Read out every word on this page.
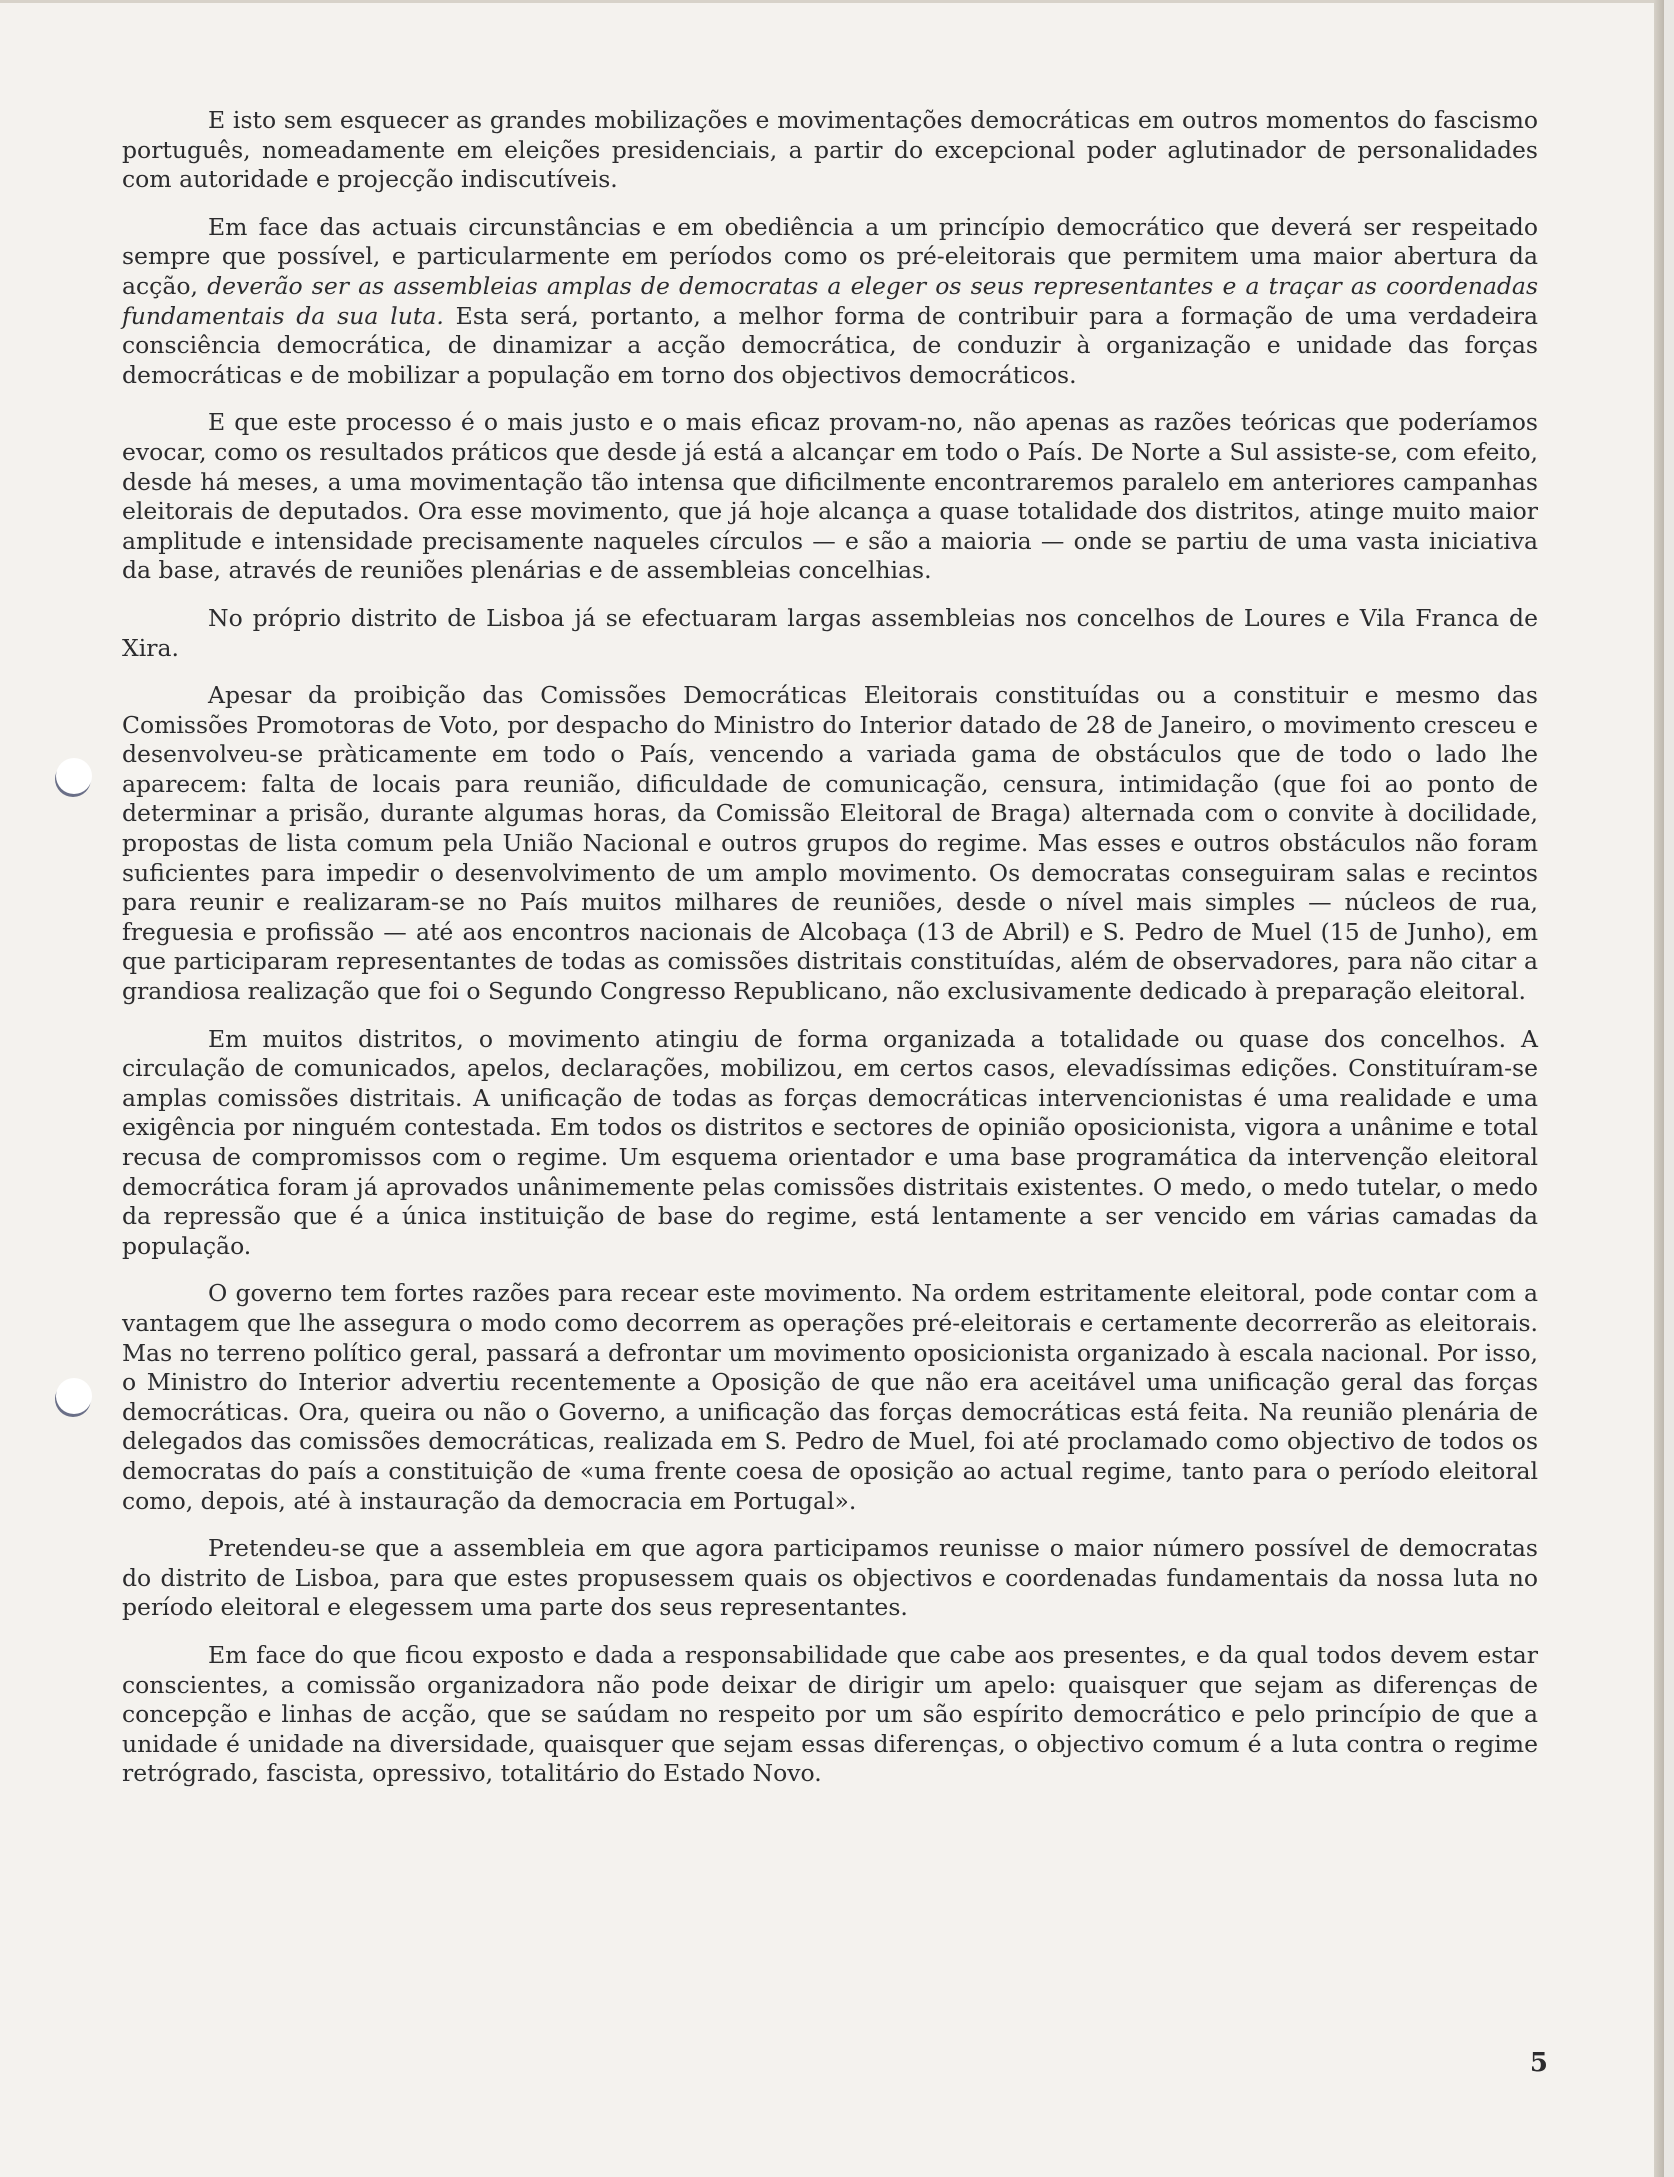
E isto sem esquecer as grandes mobilizações e movimentações democráticas em outros momentos do fascismo português, nomeadamente em eleições presidenciais, a partir do excepcional poder aglutinador de personalidades com autoridade e projecção indiscutíveis.

Em face das actuais circunstâncias e em obediência a um princípio democrático que deverá ser respeitado sempre que possível, e particularmente em períodos como os pré-eleitorais que permitem uma maior abertura da acção, deverão ser as assembleias amplas de democratas a eleger os seus representantes e a traçar as coordenadas fundamentais da sua luta. Esta será, portanto, a melhor forma de contribuir para a formação de uma verdadeira consciência democrática, de dinamizar a acção democrática, de conduzir à organização e unidade das forças democráticas e de mobilizar a população em torno dos objectivos democráticos.

E que este processo é o mais justo e o mais eficaz provam-no, não apenas as razões teóricas que poderíamos evocar, como os resultados práticos que desde já está a alcançar em todo o País. De Norte a Sul assiste-se, com efeito, desde há meses, a uma movimentação tão intensa que dificilmente encontraremos paralelo em anteriores campanhas eleitorais de deputados. Ora esse movimento, que já hoje alcança a quase totalidade dos distritos, atinge muito maior amplitude e intensidade precisamente naqueles círculos — e são a maioria — onde se partiu de uma vasta iniciativa da base, através de reuniões plenárias e de assembleias concelhias.

No próprio distrito de Lisboa já se efectuaram largas assembleias nos concelhos de Loures e Vila Franca de Xira.

Apesar da proibição das Comissões Democráticas Eleitorais constituídas ou a constituir e mesmo das Comissões Promotoras de Voto, por despacho do Ministro do Interior datado de 28 de Janeiro, o movimento cresceu e desenvolveu-se pràticamente em todo o País, vencendo a variada gama de obstáculos que de todo o lado lhe aparecem: falta de locais para reunião, dificuldade de comunicação, censura, intimidação (que foi ao ponto de determinar a prisão, durante algumas horas, da Comissão Eleitoral de Braga) alternada com o convite à docilidade, propostas de lista comum pela União Nacional e outros grupos do regime. Mas esses e outros obstáculos não foram suficientes para impedir o desenvolvimento de um amplo movimento. Os democratas conseguiram salas e recintos para reunir e realizaram-se no País muitos milhares de reuniões, desde o nível mais simples — núcleos de rua, freguesia e profissão — até aos encontros nacionais de Alcobaça (13 de Abril) e S. Pedro de Muel (15 de Junho), em que participaram representantes de todas as comissões distritais constituídas, além de observadores, para não citar a grandiosa realização que foi o Segundo Congresso Republicano, não exclusivamente dedicado à preparação eleitoral.

Em muitos distritos, o movimento atingiu de forma organizada a totalidade ou quase dos concelhos. A circulação de comunicados, apelos, declarações, mobilizou, em certos casos, elevadíssimas edições. Constituíram-se amplas comissões distritais. A unificação de todas as forças democráticas intervencionistas é uma realidade e uma exigência por ninguém contestada. Em todos os distritos e sectores de opinião oposicionista, vigora a unânime e total recusa de compromissos com o regime. Um esquema orientador e uma base programática da intervenção eleitoral democrática foram já aprovados unânimemente pelas comissões distritais existentes. O medo, o medo tutelar, o medo da repressão que é a única instituição de base do regime, está lentamente a ser vencido em várias camadas da população.

O governo tem fortes razões para recear este movimento. Na ordem estritamente eleitoral, pode contar com a vantagem que lhe assegura o modo como decorrem as operações pré-eleitorais e certamente decorrerão as eleitorais. Mas no terreno político geral, passará a defrontar um movimento oposicionista organizado à escala nacional. Por isso, o Ministro do Interior advertiu recentemente a Oposição de que não era aceitável uma unificação geral das forças democráticas. Ora, queira ou não o Governo, a unificação das forças democráticas está feita. Na reunião plenária de delegados das comissões democráticas, realizada em S. Pedro de Muel, foi até proclamado como objectivo de todos os democratas do país a constituição de «uma frente coesa de oposição ao actual regime, tanto para o período eleitoral como, depois, até à instauração da democracia em Portugal».

Pretendeu-se que a assembleia em que agora participamos reunisse o maior número possível de democratas do distrito de Lisboa, para que estes propusessem quais os objectivos e coordenadas fundamentais da nossa luta no período eleitoral e elegessem uma parte dos seus representantes.

Em face do que ficou exposto e dada a responsabilidade que cabe aos presentes, e da qual todos devem estar conscientes, a comissão organizadora não pode deixar de dirigir um apelo: quaisquer que sejam as diferenças de concepção e linhas de acção, que se saúdam no respeito por um são espírito democrático e pelo princípio de que a unidade é unidade na diversidade, quaisquer que sejam essas diferenças, o objectivo comum é a luta contra o regime retrógrado, fascista, opressivo, totalitário do Estado Novo.

5
